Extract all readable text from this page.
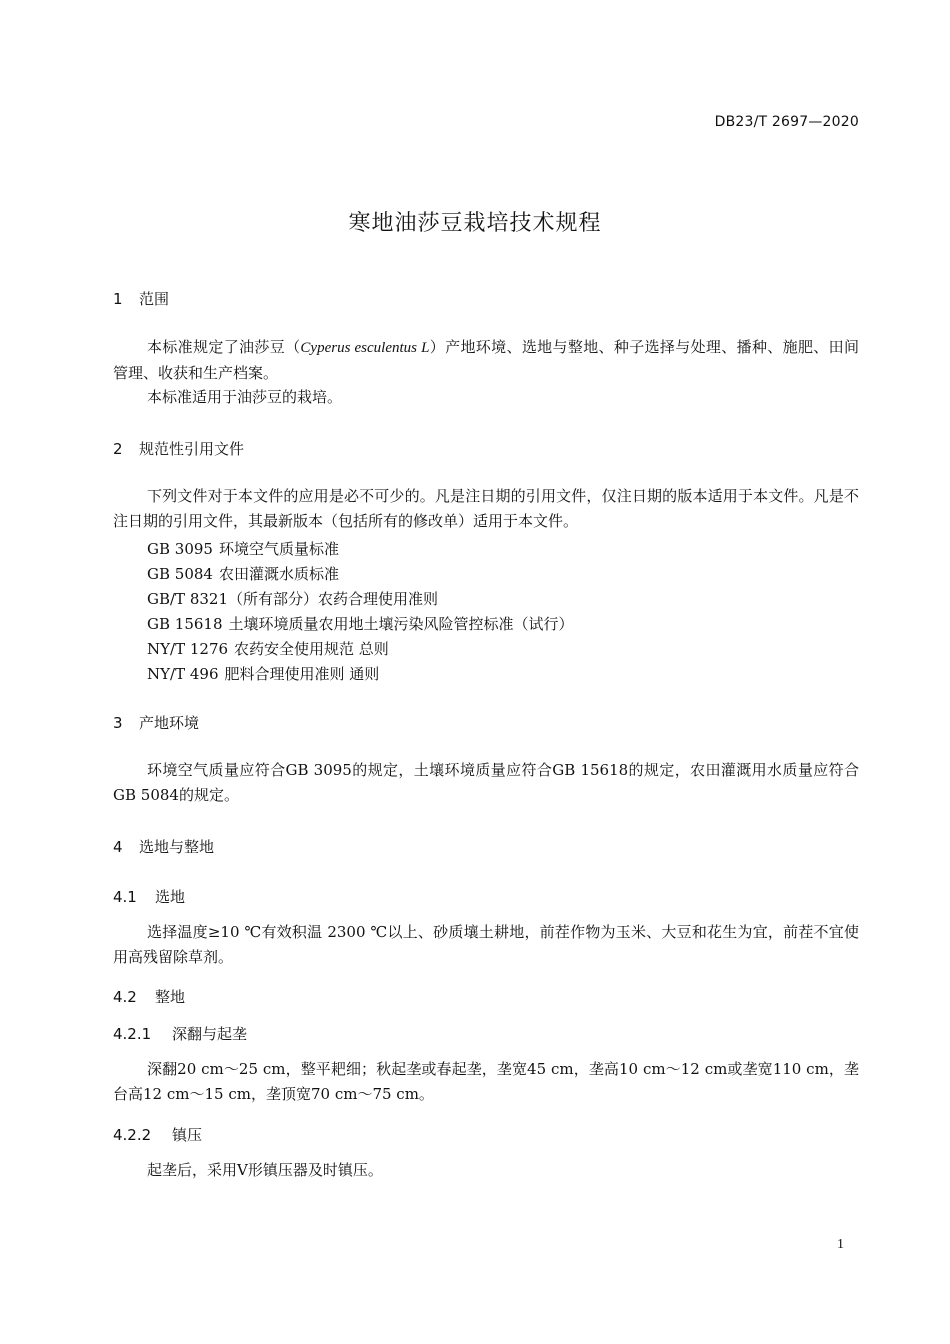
DB23/T 2697—2020
寒地油莎豆栽培技术规程
1 范围

本标准规定了油莎豆（Cyperus esculentus L）产地环境、选地与整地、种子选择与处理、播种、施肥、田间管理、收获和生产档案。

本标准适用于油莎豆的栽培。

2 规范性引用文件

下列文件对于本文件的应用是必不可少的。凡是注日期的引用文件，仅注日期的版本适用于本文件。凡是不注日期的引用文件，其最新版本（包括所有的修改单）适用于本文件。

GB 3095 环境空气质量标准
GB 5084 农田灌溉水质标准
GB/T 8321（所有部分）农药合理使用准则
GB 15618 土壤环境质量农用地土壤污染风险管控标准（试行）
NY/T 1276 农药安全使用规范 总则
NY/T 496 肥料合理使用准则 通则
3 产地环境

环境空气质量应符合GB 3095的规定，土壤环境质量应符合GB 15618的规定，农田灌溉用水质量应符合GB 5084的规定。

4 选地与整地
4.1 选地

选择温度≥10 ℃有效积温 2300 ℃以上、砂质壤土耕地，前茬作物为玉米、大豆和花生为宜，前茬不宜使用高残留除草剂。

4.2 整地
4.2.1 深翻与起垄

深翻20 cm～25 cm，整平耙细；秋起垄或春起垄，垄宽45 cm，垄高10 cm～12 cm或垄宽110 cm，垄台高12 cm～15 cm，垄顶宽70 cm～75 cm。

4.2.2 镇压

起垄后，采用V形镇压器及时镇压。

1
